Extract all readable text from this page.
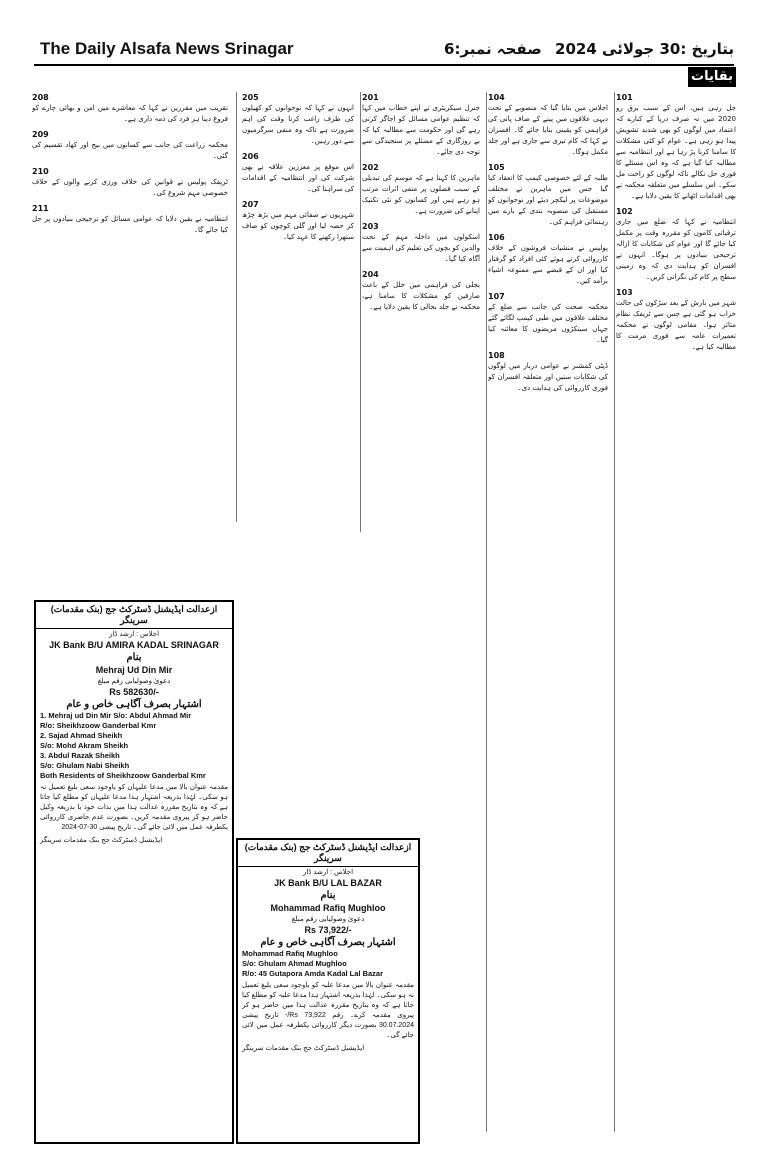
The Daily Alsafa News Srinagar	صفحہ نمبر:6 بتاریخ :30 جولائی 2024
بقایات
101

جل رہی ہیں، اس کے سبب برق رو 2020 میں نہ صرف دریا کے کنارے کہ اعتماد میں لوگوں کو بھی شدید تشویش پیدا ہو رہی ہے۔ عوام کو کئی مشکلات کا سامنا کرنا پڑ رہا ہے اور انتظامیہ سے مطالبہ کیا گیا ہے کہ وہ اس مسئلے کا فوری حل نکالے تاکہ لوگوں کو راحت مل سکے۔ اس سلسلے میں متعلقہ محکمہ نے بھی اقدامات اٹھانے کا یقین دلایا ہے۔

102

انتظامیہ نے کہا کہ ضلع میں جاری ترقیاتی کاموں کو مقررہ وقت پر مکمل کیا جائے گا اور عوام کی شکایات کا ازالہ ترجیحی بنیادوں پر ہوگا۔ انہوں نے افسران کو ہدایت دی کہ وہ زمینی سطح پر کام کی نگرانی کریں۔

103

شہر میں بارش کے بعد سڑکوں کی حالت خراب ہو گئی ہے جس سے ٹریفک نظام متاثر ہوا۔ مقامی لوگوں نے محکمہ تعمیرات عامہ سے فوری مرمت کا مطالبہ کیا ہے۔

104

اجلاس میں بتایا گیا کہ منصوبے کے تحت دیہی علاقوں میں پینے کے صاف پانی کی فراہمی کو یقینی بنایا جائے گا۔ افسران نے کہا کہ کام تیزی سے جاری ہے اور جلد مکمل ہوگا۔

105

طلبہ کے لئے خصوصی کیمپ کا انعقاد کیا گیا جس میں ماہرین نے مختلف موضوعات پر لیکچر دیئے اور نوجوانوں کو مستقبل کی منصوبہ بندی کے بارے میں رہنمائی فراہم کی۔

106

پولیس نے منشیات فروشوں کے خلاف کارروائی کرتے ہوئے کئی افراد کو گرفتار کیا اور ان کے قبضے سے ممنوعہ اشیاء برآمد کیں۔

107

محکمہ صحت کی جانب سے ضلع کے مختلف علاقوں میں طبی کیمپ لگائے گئے جہاں سینکڑوں مریضوں کا معائنہ کیا گیا۔

108

ڈپٹی کمشنر نے عوامی دربار میں لوگوں کی شکایات سنیں اور متعلقہ افسران کو فوری کارروائی کی ہدایت دی۔

201

جنرل سیکریٹری نے اپنے خطاب میں کہا کہ تنظیم عوامی مسائل کو اجاگر کرتی رہے گی اور حکومت سے مطالبہ کیا کہ بے روزگاری کے مسئلے پر سنجیدگی سے توجہ دی جائے۔

202

ماہرین کا کہنا ہے کہ موسم کی تبدیلی کے سبب فصلوں پر منفی اثرات مرتب ہو رہے ہیں اور کسانوں کو نئی تکنیک اپنانے کی ضرورت ہے۔

203

اسکولوں میں داخلہ مہم کے تحت والدین کو بچوں کی تعلیم کی اہمیت سے آگاہ کیا گیا۔

204

بجلی کی فراہمی میں خلل کے باعث صارفین کو مشکلات کا سامنا ہے، محکمہ نے جلد بحالی کا یقین دلایا ہے۔

205

انہوں نے کہا کہ نوجوانوں کو کھیلوں کی طرف راغب کرنا وقت کی اہم ضرورت ہے تاکہ وہ منفی سرگرمیوں سے دور رہیں۔

206

اس موقع پر معززین علاقہ نے بھی شرکت کی اور انتظامیہ کے اقدامات کی سراہنا کی۔

207

شہریوں نے صفائی مہم میں بڑھ چڑھ کر حصہ لیا اور گلی کوچوں کو صاف ستھرا رکھنے کا عہد کیا۔

208

تقریب میں مقررین نے کہا کہ معاشرے میں امن و بھائی چارے کو فروغ دینا ہر فرد کی ذمہ داری ہے۔

209

محکمہ زراعت کی جانب سے کسانوں میں بیج اور کھاد تقسیم کی گئی۔

210

ٹریفک پولیس نے قوانین کی خلاف ورزی کرنے والوں کے خلاف خصوصی مہم شروع کی۔

211

انتظامیہ نے یقین دلایا کہ عوامی مسائل کو ترجیحی بنیادوں پر حل کیا جائے گا۔

ازعدالت ایڈیشنل ڈسٹرکٹ جج (بنک مقدمات) سرینگر
اجلاس : ارشد ڈار
JK Bank B/U AMIRA KADAL SRINAGAR
بنام
Mehraj Ud Din Mir
دعویٰ وصولیابی رقم مبلغ
Rs 582630/-
اشتہار بصرف آگاہی خاص و عام
1. Mehraj ud Din Mir S/o: Abdul Ahmad Mir
R/o: Sheikhzoow Ganderbal Kmr
2. Sajad Ahmad Sheikh
S/o: Mohd Akram Sheikh
3. Abdul Razak Sheikh
S/o: Ghulam Nabi Sheikh
Both Residents of Sheikhzoow Ganderbal Kmr
مقدمہ عنوان بالا میں مدعا علیہان کو باوجود سعی بلیغ تعمیل نہ ہو سکی۔ لہٰذا بذریعہ اشتہار ہذا مدعا علیہان کو مطلع کیا جاتا ہے کہ وہ بتاریخ مقررہ عدالت ہذا میں بذات خود یا بذریعہ وکیل حاضر ہو کر پیروی مقدمہ کریں۔ بصورت عدم حاضری کارروائی یکطرفہ عمل میں لائی جائے گی۔ تاریخ پیشی 30-07-2024
ایڈیشنل ڈسٹرکٹ جج بنک مقدمات سرینگر
ازعدالت ایڈیشنل ڈسٹرکٹ جج (بنک مقدمات) سرینگر
اجلاس : ارشد ڈار
JK Bank B/U LAL BAZAR
بنام
Mohammad Rafiq Mughloo
دعویٰ وصولیابی رقم مبلغ
Rs 73,922/-
اشتہار بصرف آگاہی خاص و عام
Mohammad Rafiq Mughloo
S/o: Ghulam Ahmad Mughloo
R/o: 45 Gutapora Amda Kadal Lal Bazar
مقدمہ عنوان بالا میں مدعا علیہ کو باوجود سعی بلیغ تعمیل نہ ہو سکی۔ لہٰذا بذریعہ اشتہار ہذا مدعا علیہ کو مطلع کیا جاتا ہے کہ وہ بتاریخ مقررہ عدالت ہذا میں حاضر ہو کر پیروی مقدمہ کرے۔ رقم Rs 73,922/- تاریخ پیشی 30.07.2024 بصورت دیگر کارروائی یکطرفہ عمل میں لائی جائے گی۔
ایڈیشنل ڈسٹرکٹ جج بنک مقدمات سرینگر
